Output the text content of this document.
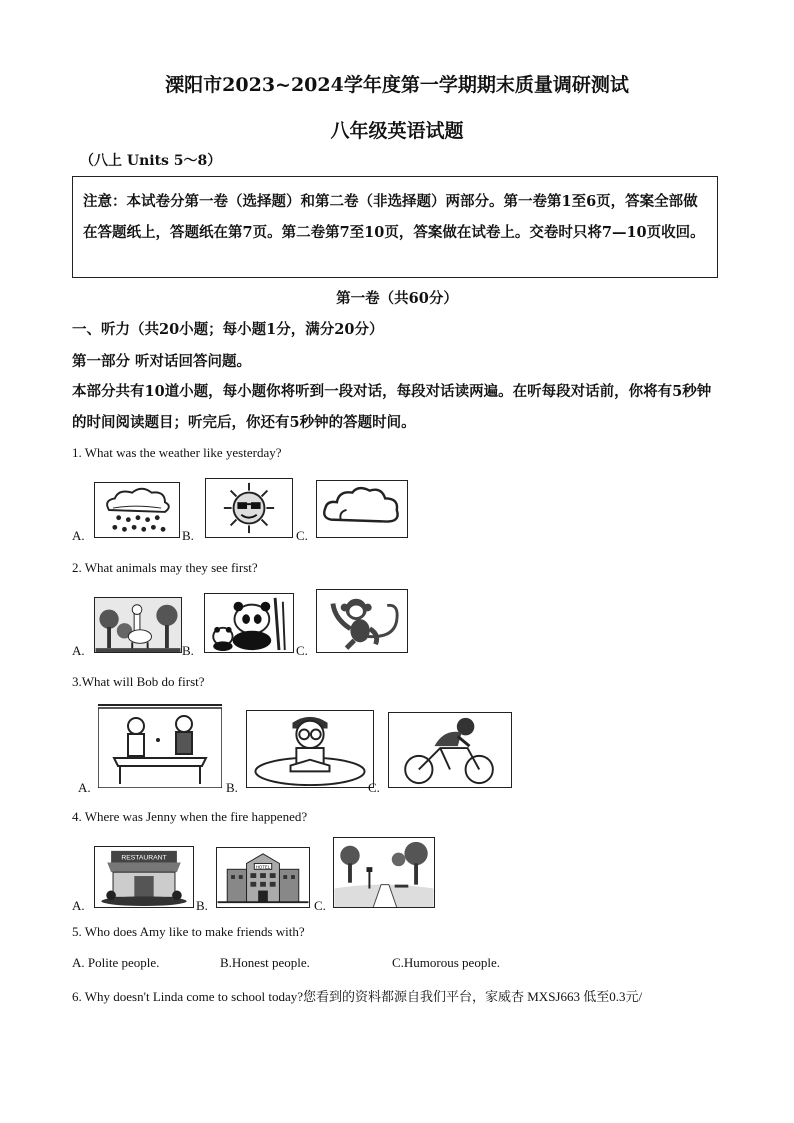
溧阳市2023~2024学年度第一学期期末质量调研测试
八年级英语试题
（八上 Units 5～8）
注意：本试卷分第一卷（选择题）和第二卷（非选择题）两部分。第一卷第1至6页，答案全部做在答题纸上，答题纸在第7页。第二卷第7至10页，答案做在试卷上。交卷时只将7—10页收回。
第一卷（共60分）
一、听力（共20小题；每小题1分，满分20分）
第一部分 听对话回答问题。
本部分共有10道小题，每小题你将听到一段对话，每段对话读两遍。在听每段对话前，你将有5秒钟的时间阅读题目；听完后，你还有5秒钟的答题时间。
1. What was the weather like yesterday?
A.	B.	C.
2. What animals may they see first?
A.	B.	C.
3.What will Bob do first?
A.	B.	C.
4. Where was Jenny when the fire happened?
A.
RESTAURANT
B.
HOTEL
C.
5. Who does Amy like to make friends with?
A. Polite people.	B.Honest people.	C.Humorous people.
6. Why doesn't Linda come to school today?您看到的资料都源自我们平台，家威杏 MXSJ663 低至0.3元/
